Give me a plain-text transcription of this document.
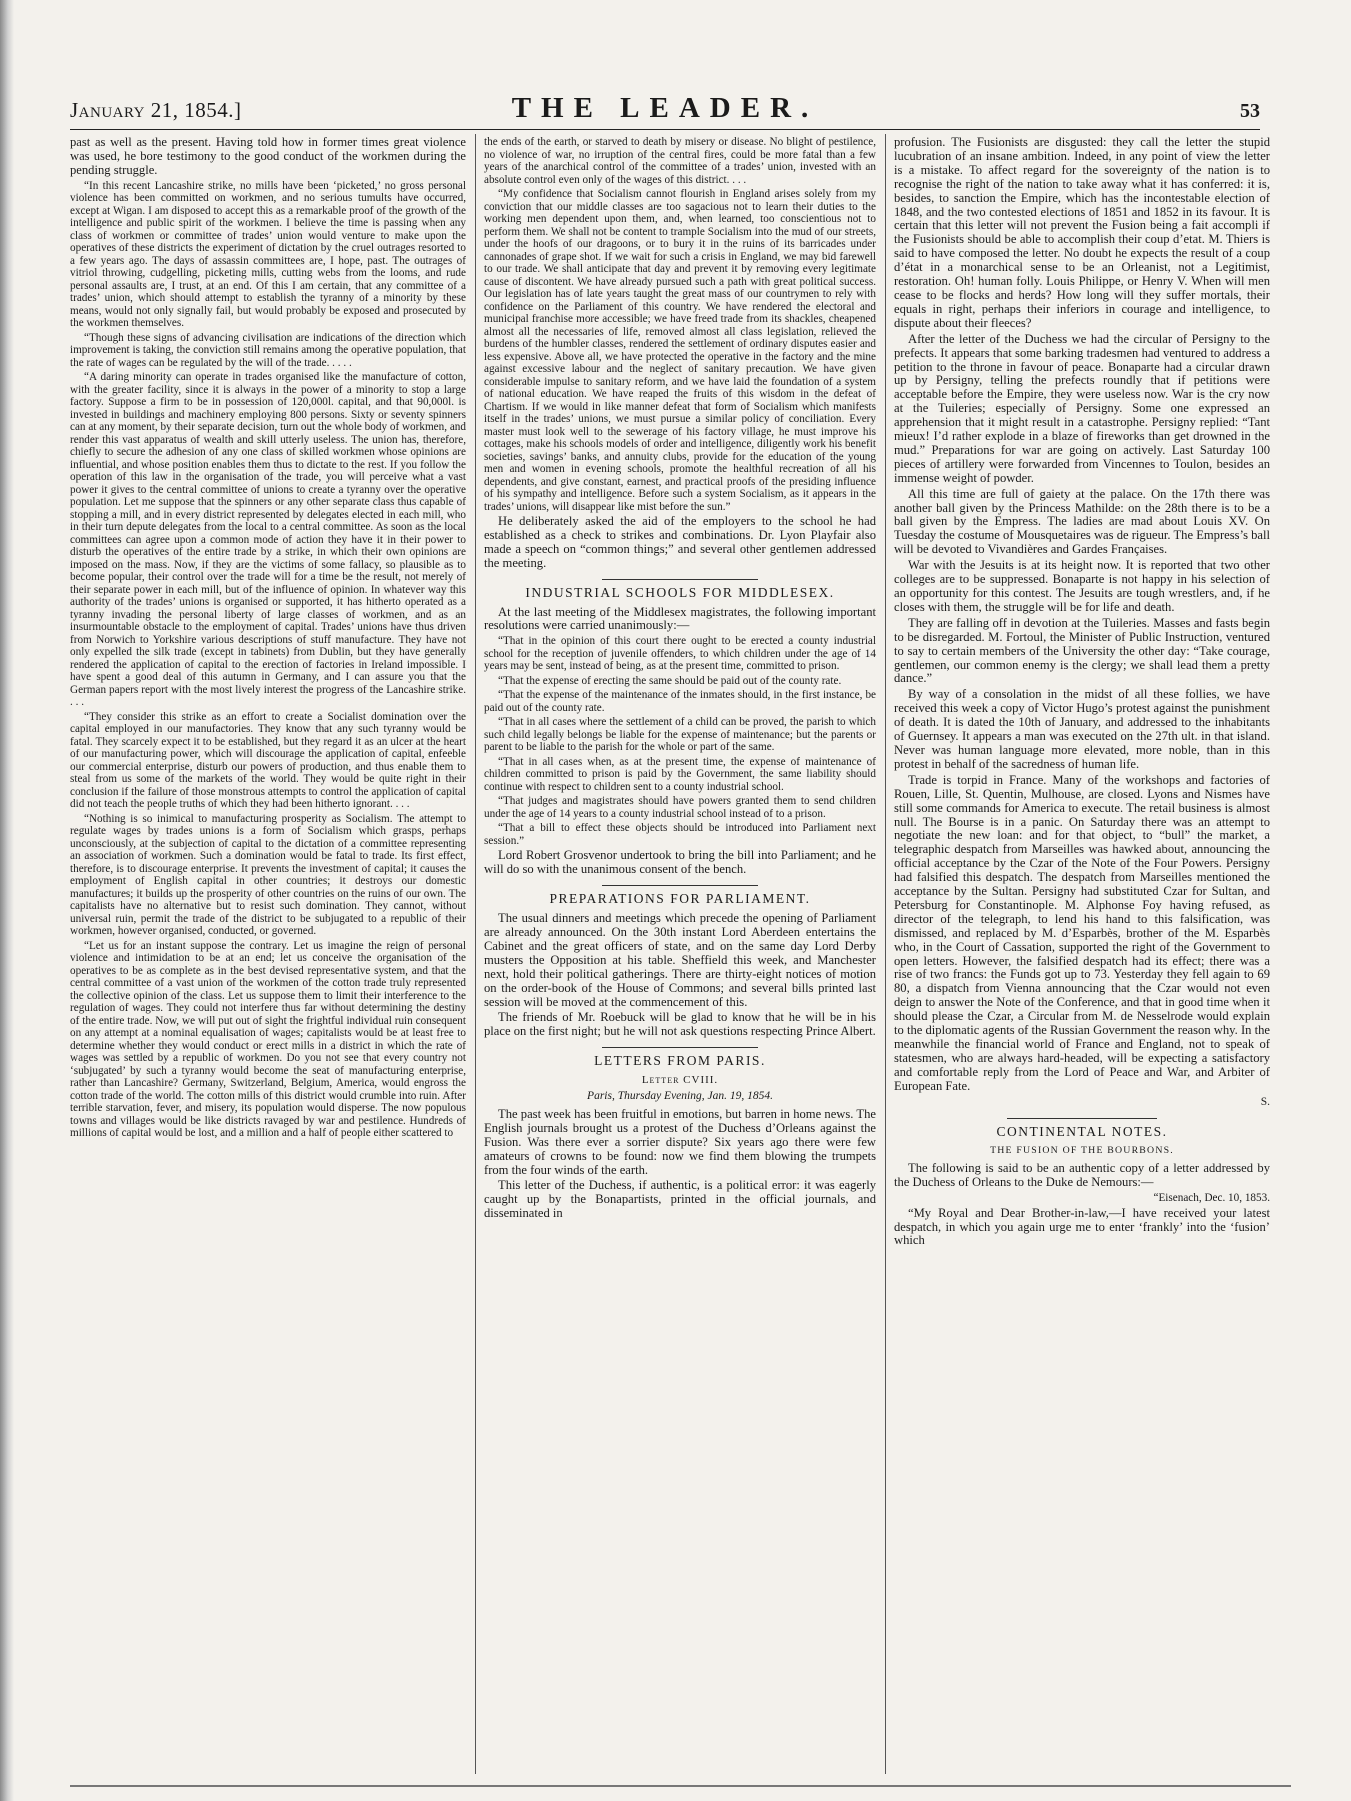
January 21, 1854.]	THE LEADER.	53

past as well as the present. Having told how in former times great violence was used, he bore testimony to the good conduct of the workmen during the pending struggle.

“In this recent Lancashire strike, no mills have been ‘picketed,’ no gross personal violence has been committed on workmen, and no serious tumults have occurred, except at Wigan. I am disposed to accept this as a remarkable proof of the growth of the intelligence and public spirit of the workmen. I believe the time is passing when any class of workmen or committee of trades’ union would venture to make upon the operatives of these districts the experiment of dictation by the cruel outrages resorted to a few years ago. The days of assassin committees are, I hope, past. The outrages of vitriol throwing, cudgelling, picketing mills, cutting webs from the looms, and rude personal assaults are, I trust, at an end. Of this I am certain, that any committee of a trades’ union, which should attempt to establish the tyranny of a minority by these means, would not only signally fail, but would probably be exposed and prosecuted by the workmen themselves.

“Though these signs of advancing civilisation are indications of the direction which improvement is taking, the conviction still remains among the operative population, that the rate of wages can be regulated by the will of the trade. . . . .

“A daring minority can operate in trades organised like the manufacture of cotton, with the greater facility, since it is always in the power of a minority to stop a large factory. Suppose a firm to be in possession of 120,000l. capital, and that 90,000l. is invested in buildings and machinery employing 800 persons. Sixty or seventy spinners can at any moment, by their separate decision, turn out the whole body of workmen, and render this vast apparatus of wealth and skill utterly useless. The union has, therefore, chiefly to secure the adhesion of any one class of skilled workmen whose opinions are influential, and whose position enables them thus to dictate to the rest. If you follow the operation of this law in the organisation of the trade, you will perceive what a vast power it gives to the central committee of unions to create a tyranny over the operative population. Let me suppose that the spinners or any other separate class thus capable of stopping a mill, and in every district represented by delegates elected in each mill, who in their turn depute delegates from the local to a central committee. As soon as the local committees can agree upon a common mode of action they have it in their power to disturb the operatives of the entire trade by a strike, in which their own opinions are imposed on the mass. Now, if they are the victims of some fallacy, so plausible as to become popular, their control over the trade will for a time be the result, not merely of their separate power in each mill, but of the influence of opinion. In whatever way this authority of the trades’ unions is organised or supported, it has hitherto operated as a tyranny invading the personal liberty of large classes of workmen, and as an insurmountable obstacle to the employment of capital. Trades’ unions have thus driven from Norwich to Yorkshire various descriptions of stuff manufacture. They have not only expelled the silk trade (except in tabinets) from Dublin, but they have generally rendered the application of capital to the erection of factories in Ireland impossible. I have spent a good deal of this autumn in Germany, and I can assure you that the German papers report with the most lively interest the progress of the Lancashire strike. . . .

“They consider this strike as an effort to create a Socialist domination over the capital employed in our manufactories. They know that any such tyranny would be fatal. They scarcely expect it to be established, but they regard it as an ulcer at the heart of our manufacturing power, which will discourage the application of capital, enfeeble our commercial enterprise, disturb our powers of production, and thus enable them to steal from us some of the markets of the world. They would be quite right in their conclusion if the failure of those monstrous attempts to control the application of capital did not teach the people truths of which they had been hitherto ignorant. . . .

“Nothing is so inimical to manufacturing prosperity as Socialism. The attempt to regulate wages by trades unions is a form of Socialism which grasps, perhaps unconsciously, at the subjection of capital to the dictation of a committee representing an association of workmen. Such a domination would be fatal to trade. Its first effect, therefore, is to discourage enterprise. It prevents the investment of capital; it causes the employment of English capital in other countries; it destroys our domestic manufactures; it builds up the prosperity of other countries on the ruins of our own. The capitalists have no alternative but to resist such domination. They cannot, without universal ruin, permit the trade of the district to be subjugated to a republic of their workmen, however organised, conducted, or governed.

“Let us for an instant suppose the contrary. Let us imagine the reign of personal violence and intimidation to be at an end; let us conceive the organisation of the operatives to be as complete as in the best devised representative system, and that the central committee of a vast union of the workmen of the cotton trade truly represented the collective opinion of the class. Let us suppose them to limit their interference to the regulation of wages. They could not interfere thus far without determining the destiny of the entire trade. Now, we will put out of sight the frightful individual ruin consequent on any attempt at a nominal equalisation of wages; capitalists would be at least free to determine whether they would conduct or erect mills in a district in which the rate of wages was settled by a republic of workmen. Do you not see that every country not ‘subjugated’ by such a tyranny would become the seat of manufacturing enterprise, rather than Lancashire? Germany, Switzerland, Belgium, America, would engross the cotton trade of the world. The cotton mills of this district would crumble into ruin. After terrible starvation, fever, and misery, its population would disperse. The now populous towns and villages would be like districts ravaged by war and pestilence. Hundreds of millions of capital would be lost, and a million and a half of people either scattered to

the ends of the earth, or starved to death by misery or disease. No blight of pestilence, no violence of war, no irruption of the central fires, could be more fatal than a few years of the anarchical control of the committee of a trades’ union, invested with an absolute control even only of the wages of this district. . . .

“My confidence that Socialism cannot flourish in England arises solely from my conviction that our middle classes are too sagacious not to learn their duties to the working men dependent upon them, and, when learned, too conscientious not to perform them. We shall not be content to trample Socialism into the mud of our streets, under the hoofs of our dragoons, or to bury it in the ruins of its barricades under cannonades of grape shot. If we wait for such a crisis in England, we may bid farewell to our trade. We shall anticipate that day and prevent it by removing every legitimate cause of discontent. We have already pursued such a path with great political success. Our legislation has of late years taught the great mass of our countrymen to rely with confidence on the Parliament of this country. We have rendered the electoral and municipal franchise more accessible; we have freed trade from its shackles, cheapened almost all the necessaries of life, removed almost all class legislation, relieved the burdens of the humbler classes, rendered the settlement of ordinary disputes easier and less expensive. Above all, we have protected the operative in the factory and the mine against excessive labour and the neglect of sanitary precaution. We have given considerable impulse to sanitary reform, and we have laid the foundation of a system of national education. We have reaped the fruits of this wisdom in the defeat of Chartism. If we would in like manner defeat that form of Socialism which manifests itself in the trades’ unions, we must pursue a similar policy of conciliation. Every master must look well to the sewerage of his factory village, he must improve his cottages, make his schools models of order and intelligence, diligently work his benefit societies, savings’ banks, and annuity clubs, provide for the education of the young men and women in evening schools, promote the healthful recreation of all his dependents, and give constant, earnest, and practical proofs of the presiding influence of his sympathy and intelligence. Before such a system Socialism, as it appears in the trades’ unions, will disappear like mist before the sun.”

He deliberately asked the aid of the employers to the school he had established as a check to strikes and combinations. Dr. Lyon Playfair also made a speech on “common things;” and several other gentlemen addressed the meeting.

INDUSTRIAL SCHOOLS FOR MIDDLESEX.

At the last meeting of the Middlesex magistrates, the following important resolutions were carried unanimously:—

“That in the opinion of this court there ought to be erected a county industrial school for the reception of juvenile offenders, to which children under the age of 14 years may be sent, instead of being, as at the present time, committed to prison.

“That the expense of erecting the same should be paid out of the county rate.

“That the expense of the maintenance of the inmates should, in the first instance, be paid out of the county rate.

“That in all cases where the settlement of a child can be proved, the parish to which such child legally belongs be liable for the expense of maintenance; but the parents or parent to be liable to the parish for the whole or part of the same.

“That in all cases when, as at the present time, the expense of maintenance of children committed to prison is paid by the Government, the same liability should continue with respect to children sent to a county industrial school.

“That judges and magistrates should have powers granted them to send children under the age of 14 years to a county industrial school instead of to a prison.

“That a bill to effect these objects should be introduced into Parliament next session.”

Lord Robert Grosvenor undertook to bring the bill into Parliament; and he will do so with the unanimous consent of the bench.

PREPARATIONS FOR PARLIAMENT.

The usual dinners and meetings which precede the opening of Parliament are already announced. On the 30th instant Lord Aberdeen entertains the Cabinet and the great officers of state, and on the same day Lord Derby musters the Opposition at his table. Sheffield this week, and Manchester next, hold their political gatherings. There are thirty-eight notices of motion on the order-book of the House of Commons; and several bills printed last session will be moved at the commencement of this.

The friends of Mr. Roebuck will be glad to know that he will be in his place on the first night; but he will not ask questions respecting Prince Albert.

LETTERS FROM PARIS.
Letter CVIII.
Paris, Thursday Evening, Jan. 19, 1854.

The past week has been fruitful in emotions, but barren in home news. The English journals brought us a protest of the Duchess d’Orleans against the Fusion. Was there ever a sorrier dispute? Six years ago there were few amateurs of crowns to be found: now we find them blowing the trumpets from the four winds of the earth.

This letter of the Duchess, if authentic, is a political error: it was eagerly caught up by the Bonapartists, printed in the official journals, and disseminated in

profusion. The Fusionists are disgusted: they call the letter the stupid lucubration of an insane ambition. Indeed, in any point of view the letter is a mistake. To affect regard for the sovereignty of the nation is to recognise the right of the nation to take away what it has conferred: it is, besides, to sanction the Empire, which has the incontestable election of 1848, and the two contested elections of 1851 and 1852 in its favour. It is certain that this letter will not prevent the Fusion being a fait accompli if the Fusionists should be able to accomplish their coup d’etat. M. Thiers is said to have composed the letter. No doubt he expects the result of a coup d’état in a monarchical sense to be an Orleanist, not a Legitimist, restoration. Oh! human folly. Louis Philippe, or Henry V. When will men cease to be flocks and herds? How long will they suffer mortals, their equals in right, perhaps their inferiors in courage and intelligence, to dispute about their fleeces?

After the letter of the Duchess we had the circular of Persigny to the prefects. It appears that some barking tradesmen had ventured to address a petition to the throne in favour of peace. Bonaparte had a circular drawn up by Persigny, telling the prefects roundly that if petitions were acceptable before the Empire, they were useless now. War is the cry now at the Tuileries; especially of Persigny. Some one expressed an apprehension that it might result in a catastrophe. Persigny replied: “Tant mieux! I’d rather explode in a blaze of fireworks than get drowned in the mud.” Preparations for war are going on actively. Last Saturday 100 pieces of artillery were forwarded from Vincennes to Toulon, besides an immense weight of powder.

All this time are full of gaiety at the palace. On the 17th there was another ball given by the Princess Mathilde: on the 28th there is to be a ball given by the Empress. The ladies are mad about Louis XV. On Tuesday the costume of Mousquetaires was de rigueur. The Empress’s ball will be devoted to Vivandières and Gardes Françaises.

War with the Jesuits is at its height now. It is reported that two other colleges are to be suppressed. Bonaparte is not happy in his selection of an opportunity for this contest. The Jesuits are tough wrestlers, and, if he closes with them, the struggle will be for life and death.

They are falling off in devotion at the Tuileries. Masses and fasts begin to be disregarded. M. Fortoul, the Minister of Public Instruction, ventured to say to certain members of the University the other day: “Take courage, gentlemen, our common enemy is the clergy; we shall lead them a pretty dance.”

By way of a consolation in the midst of all these follies, we have received this week a copy of Victor Hugo’s protest against the punishment of death. It is dated the 10th of January, and addressed to the inhabitants of Guernsey. It appears a man was executed on the 27th ult. in that island. Never was human language more elevated, more noble, than in this protest in behalf of the sacredness of human life.

Trade is torpid in France. Many of the workshops and factories of Rouen, Lille, St. Quentin, Mulhouse, are closed. Lyons and Nismes have still some commands for America to execute. The retail business is almost null. The Bourse is in a panic. On Saturday there was an attempt to negotiate the new loan: and for that object, to “bull” the market, a telegraphic despatch from Marseilles was hawked about, announcing the official acceptance by the Czar of the Note of the Four Powers. Persigny had falsified this despatch. The despatch from Marseilles mentioned the acceptance by the Sultan. Persigny had substituted Czar for Sultan, and Petersburg for Constantinople. M. Alphonse Foy having refused, as director of the telegraph, to lend his hand to this falsification, was dismissed, and replaced by M. d’Esparbès, brother of the M. Esparbès who, in the Court of Cassation, supported the right of the Government to open letters. However, the falsified despatch had its effect; there was a rise of two francs: the Funds got up to 73. Yesterday they fell again to 69 80, a dispatch from Vienna announcing that the Czar would not even deign to answer the Note of the Conference, and that in good time when it should please the Czar, a Circular from M. de Nesselrode would explain to the diplomatic agents of the Russian Government the reason why. In the meanwhile the financial world of France and England, not to speak of statesmen, who are always hard-headed, will be expecting a satisfactory and comfortable reply from the Lord of Peace and War, and Arbiter of European Fate.

S.

CONTINENTAL NOTES.
THE FUSION OF THE BOURBONS.

The following is said to be an authentic copy of a letter addressed by the Duchess of Orleans to the Duke de Nemours:—

“Eisenach, Dec. 10, 1853.

“My Royal and Dear Brother-in-law,—I have received your latest despatch, in which you again urge me to enter ‘frankly’ into the ‘fusion’ which
